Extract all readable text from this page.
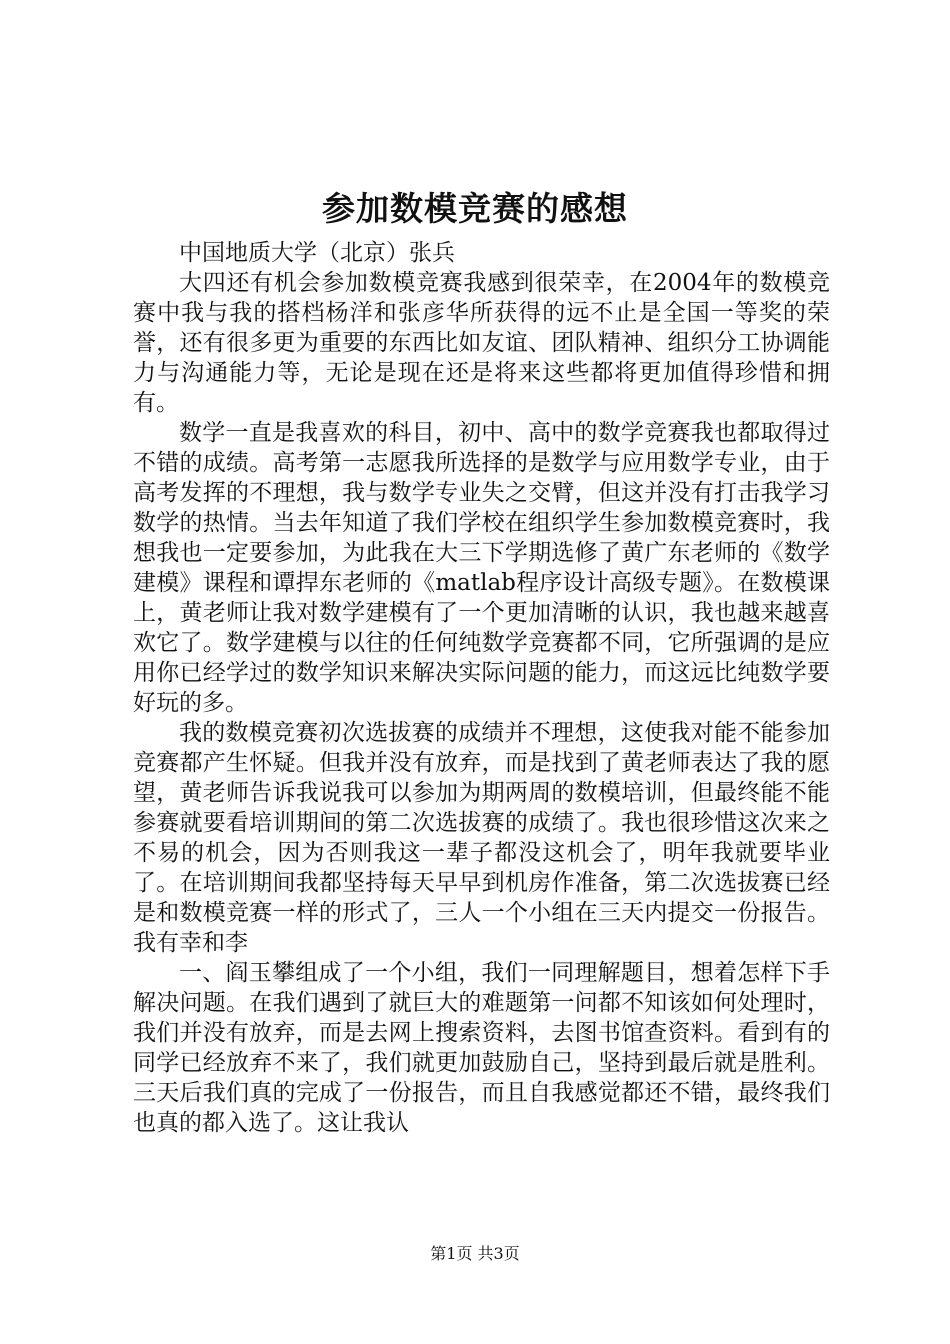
参加数模竞赛的感想

中国地质大学（北京）张兵

大四还有机会参加数模竞赛我感到很荣幸，在2004年的数模竞赛中我与我的搭档杨洋和张彦华所获得的远不止是全国一等奖的荣誉，还有很多更为重要的东西比如友谊、团队精神、组织分工协调能力与沟通能力等，无论是现在还是将来这些都将更加值得珍惜和拥有。

数学一直是我喜欢的科目，初中、高中的数学竞赛我也都取得过不错的成绩。高考第一志愿我所选择的是数学与应用数学专业，由于高考发挥的不理想，我与数学专业失之交臂，但这并没有打击我学习数学的热情。当去年知道了我们学校在组织学生参加数模竞赛时，我想我也一定要参加，为此我在大三下学期选修了黄广东老师的《数学建模》课程和谭捍东老师的《matlab程序设计高级专题》。在数模课上，黄老师让我对数学建模有了一个更加清晰的认识，我也越来越喜欢它了。数学建模与以往的任何纯数学竞赛都不同，它所强调的是应用你已经学过的数学知识来解决实际问题的能力，而这远比纯数学要好玩的多。

我的数模竞赛初次选拔赛的成绩并不理想，这使我对能不能参加竞赛都产生怀疑。但我并没有放弃，而是找到了黄老师表达了我的愿望，黄老师告诉我说我可以参加为期两周的数模培训，但最终能不能参赛就要看培训期间的第二次选拔赛的成绩了。我也很珍惜这次来之不易的机会，因为否则我这一辈子都没这机会了，明年我就要毕业了。在培训期间我都坚持每天早早到机房作准备，第二次选拔赛已经是和数模竞赛一样的形式了，三人一个小组在三天内提交一份报告。我有幸和李

一、阎玉攀组成了一个小组，我们一同理解题目，想着怎样下手解决问题。在我们遇到了就巨大的难题第一问都不知该如何处理时，我们并没有放弃，而是去网上搜索资料，去图书馆查资料。看到有的同学已经放弃不来了，我们就更加鼓励自己，坚持到最后就是胜利。三天后我们真的完成了一份报告，而且自我感觉都还不错，最终我们也真的都入选了。这让我认

第1页 共3页
